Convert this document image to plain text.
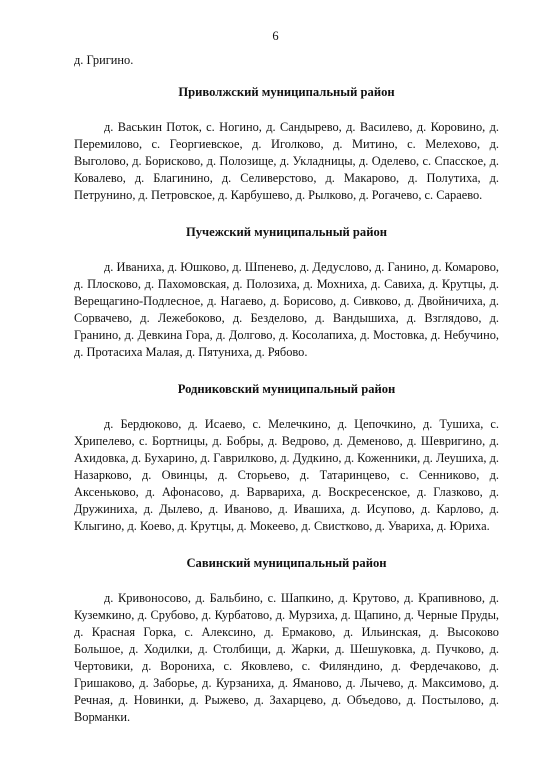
6

д. Григино.

Приволжский муниципальный район

д. Васькин Поток, с. Ногино, д. Сандырево, д. Василево, д. Коровино, д. Перемилово, с. Георгиевское, д. Иголково, д. Митино, с. Мелехово, д. Выголово, д. Борисково, д. Полозище, д. Укладницы, д. Оделево, с. Спасское, д. Ковалево, д. Благинино, д. Селиверстово, д. Макарово, д. Полутиха, д. Петрунино, д. Петровское, д. Карбушево, д. Рылково, д. Рогачево, с. Сараево.

Пучежский муниципальный район

д. Иваниха, д. Юшково, д. Шпенево, д. Дедуслово, д. Ганино, д. Комарово, д. Плосково, д. Пахомовская, д. Полозиха, д. Мохниха, д. Савиха, д. Крутцы, д. Верещагино-Подлесное, д. Нагаево, д. Борисово, д. Сивково, д. Двойничиха, д. Сорвачево, д. Лежебоково, д. Безделово, д. Вандышиха, д. Взглядово, д. Гранино, д. Девкина Гора, д. Долгово, д. Косолапиха, д. Мостовка, д. Небучино, д. Протасиха Малая, д. Пятуниха, д. Рябово.

Родниковский муниципальный район

д. Бердюково, д. Исаево, с. Мелечкино, д. Цепочкино, д. Тушиха, с. Хрипелево, с. Бортницы, д. Бобры, д. Ведрово, д. Деменово, д. Шевригино, д. Ахидовка, д. Бухарино, д. Гаврилково, д. Дудкино, д. Коженники, д. Леушиха, д. Назарково, д. Овинцы, д. Сторьево, д. Татаринцево, с. Сенниково, д. Аксеньково, д. Афонасово, д. Варвариха, д. Воскресенское, д. Глазково, д. Дружиниха, д. Дылево, д. Иваново, д. Ивашиха, д. Исупово, д. Карлово, д. Клыгино, д. Коево, д. Крутцы, д. Мокеево, д. Свистково, д. Увариха, д. Юриха.

Савинский муниципальный район

д. Кривоносово, д. Бальбино, с. Шапкино, д. Крутово, д. Крапивново, д. Куземкино, д. Срубово, д. Курбатово, д. Мурзиха, д. Щапино, д. Черные Пруды, д. Красная Горка, с. Алексино, д. Ермаково, д. Ильинская, д. Высоково Большое, д. Ходилки, д. Столбищи, д. Жарки, д. Шешуковка, д. Пучково, д. Чертовики, д. Ворониха, с. Яковлево, с. Филяндино, д. Фердечаково, д. Гришаково, д. Заборье, д. Курзаниха, д. Яманово, д. Лычево, д. Максимово, д. Речная, д. Новинки, д. Рыжево, д. Захарцево, д. Объедово, д. Постылово, д. Ворманки.
